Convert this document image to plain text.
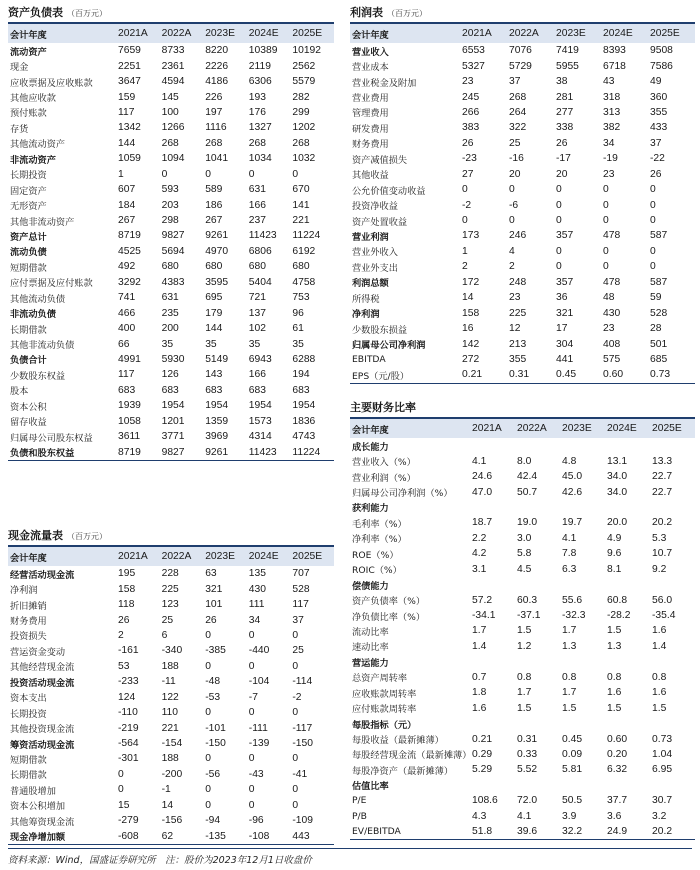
资产负债表 （百万元）
会计年度	2021A	2022A	2023E	2024E	2025E
流动资产	7659	8733	8220	10389	10192
现金	2251	2361	2226	2119	2562
应收票据及应收账款	3647	4594	4186	6306	5579
其他应收款	159	145	226	193	282
预付账款	117	100	197	176	299
存货	1342	1266	1116	1327	1202
其他流动资产	144	268	268	268	268
非流动资产	1059	1094	1041	1034	1032
长期投资	1	0	0	0	0
固定资产	607	593	589	631	670
无形资产	184	203	186	166	141
其他非流动资产	267	298	267	237	221
资产总计	8719	9827	9261	11423	11224
流动负债	4525	5694	4970	6806	6192
短期借款	492	680	680	680	680
应付票据及应付账款	3292	4383	3595	5404	4758
其他流动负债	741	631	695	721	753
非流动负债	466	235	179	137	96
长期借款	400	200	144	102	61
其他非流动负债	66	35	35	35	35
负债合计	4991	5930	5149	6943	6288
少数股东权益	117	126	143	166	194
股本	683	683	683	683	683
资本公积	1939	1954	1954	1954	1954
留存收益	1058	1201	1359	1573	1836
归属母公司股东权益	3611	3771	3969	4314	4743
负债和股东权益	8719	9827	9261	11423	11224
利润表 （百万元）
会计年度	2021A	2022A	2023E	2024E	2025E
营业收入	6553	7076	7419	8393	9508
营业成本	5327	5729	5955	6718	7586
营业税金及附加	23	37	38	43	49
营业费用	245	268	281	318	360
管理费用	266	264	277	313	355
研发费用	383	322	338	382	433
财务费用	26	25	26	34	37
资产减值损失	-23	-16	-17	-19	-22
其他收益	27	20	20	23	26
公允价值变动收益	0	0	0	0	0
投资净收益	-2	-6	0	0	0
资产处置收益	0	0	0	0	0
营业利润	173	246	357	478	587
营业外收入	1	4	0	0	0
营业外支出	2	2	0	0	0
利润总额	172	248	357	478	587
所得税	14	23	36	48	59
净利润	158	225	321	430	528
少数股东损益	16	12	17	23	28
归属母公司净利润	142	213	304	408	501
EBITDA	272	355	441	575	685
EPS（元/股）	0.21	0.31	0.45	0.60	0.73
现金流量表 （百万元）
会计年度	2021A	2022A	2023E	2024E	2025E
经营活动现金流	195	228	63	135	707
净利润	158	225	321	430	528
折旧摊销	118	123	101	111	117
财务费用	26	25	26	34	37
投资损失	2	6	0	0	0
营运资金变动	-161	-340	-385	-440	25
其他经营现金流	53	188	0	0	0
投资活动现金流	-233	-11	-48	-104	-114
资本支出	124	122	-53	-7	-2
长期投资	-110	110	0	0	0
其他投资现金流	-219	221	-101	-111	-117
筹资活动现金流	-564	-154	-150	-139	-150
短期借款	-301	188	0	0	0
长期借款	0	-200	-56	-43	-41
普通股增加	0	-1	0	0	0
资本公积增加	15	14	0	0	0
其他筹资现金流	-279	-156	-94	-96	-109
现金净增加额	-608	62	-135	-108	443
主要财务比率
会计年度	2021A	2022A	2023E	2024E	2025E
成长能力
营业收入（%）	4.1	8.0	4.8	13.1	13.3
营业利润（%）	24.6	42.4	45.0	34.0	22.7
归属母公司净利润（%）	47.0	50.7	42.6	34.0	22.7
获利能力
毛利率（%）	18.7	19.0	19.7	20.0	20.2
净利率（%）	2.2	3.0	4.1	4.9	5.3
ROE（%）	4.2	5.8	7.8	9.6	10.7
ROIC（%）	3.1	4.5	6.3	8.1	9.2
偿债能力
资产负债率（%）	57.2	60.3	55.6	60.8	56.0
净负债比率（%）	-34.1	-37.1	-32.3	-28.2	-35.4
流动比率	1.7	1.5	1.7	1.5	1.6
速动比率	1.4	1.2	1.3	1.3	1.4
营运能力
总资产周转率	0.7	0.8	0.8	0.8	0.8
应收账款周转率	1.8	1.7	1.7	1.6	1.6
应付账款周转率	1.6	1.5	1.5	1.5	1.5
每股指标（元）
每股收益（最新摊薄）	0.21	0.31	0.45	0.60	0.73
每股经营现金流（最新摊薄） 0.29	0.33	0.09	0.20	1.04
每股净资产（最新摊薄）	5.29	5.52	5.81	6.32	6.95
估值比率
P/E	108.6	72.0	50.5	37.7	30.7
P/B	4.3	4.1	3.9	3.6	3.2
EV/EBITDA	51.8	39.6	32.2	24.9	20.2
资料来源：Wind，国盛证券研究所　注：股价为2023年12月1日收盘价
